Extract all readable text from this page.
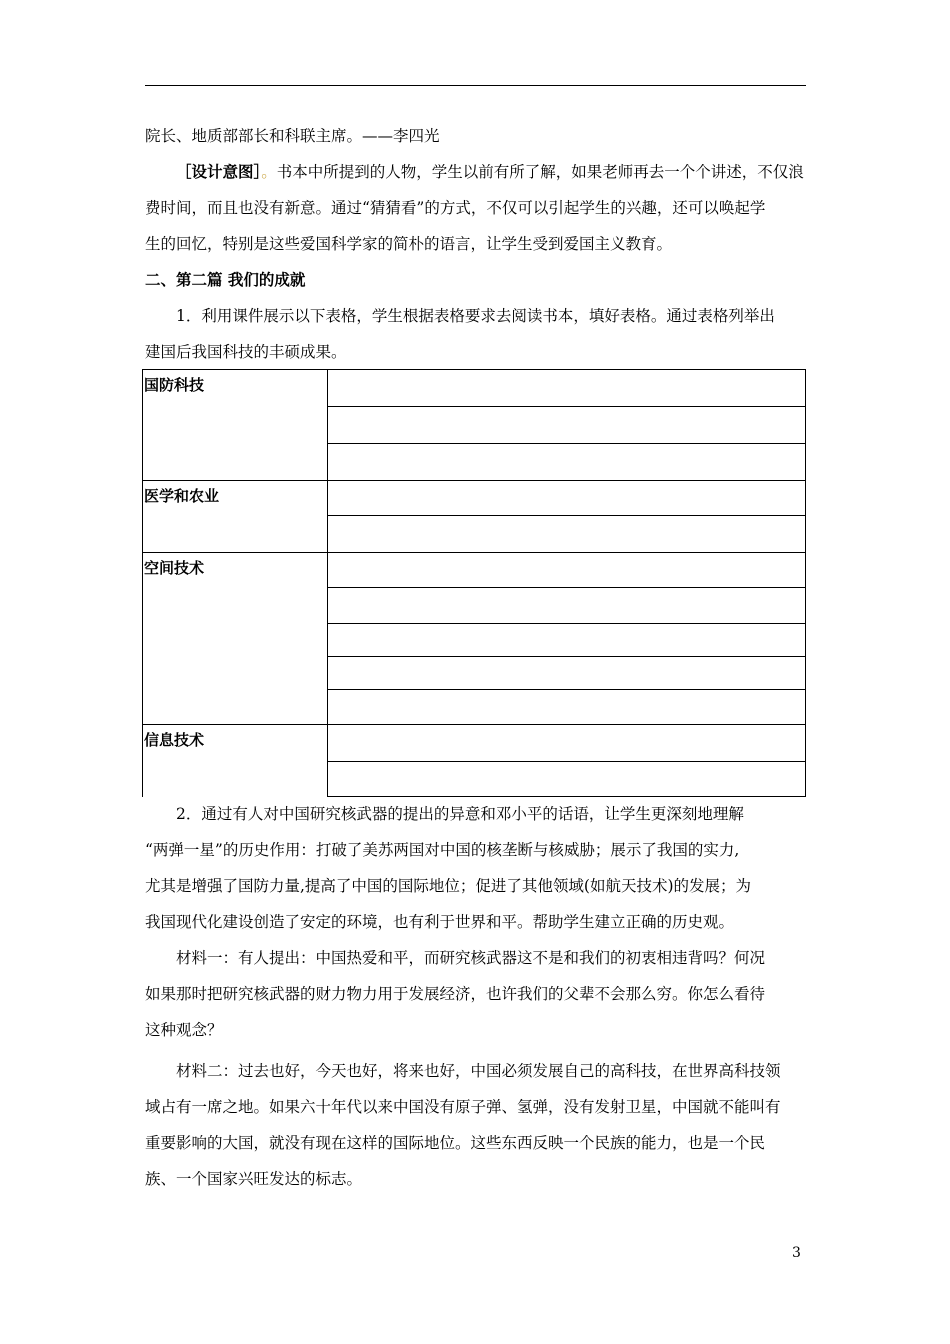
院长、地质部部长和科联主席。——李四光
［设计意图］。书本中所提到的人物，学生以前有所了解，如果老师再去一个个讲述，不仅浪
费时间，而且也没有新意。通过“猜猜看”的方式，不仅可以引起学生的兴趣，还可以唤起学
生的回忆，特别是这些爱国科学家的简朴的语言，让学生受到爱国主义教育。
二、第二篇 我们的成就
1．利用课件展示以下表格，学生根据表格要求去阅读书本，填好表格。通过表格列举出
建国后我国科技的丰硕成果。
国防科技	

医学和农业	

空间技术	

信息技术	

2．通过有人对中国研究核武器的提出的异意和邓小平的话语，让学生更深刻地理解
“两弹一星”的历史作用：打破了美苏两国对中国的核垄断与核威胁；展示了我国的实力,
尤其是增强了国防力量,提高了中国的国际地位；促进了其他领域(如航天技术)的发展；为
我国现代化建设创造了安定的环境，也有利于世界和平。帮助学生建立正确的历史观。
材料一：有人提出：中国热爱和平，而研究核武器这不是和我们的初衷相违背吗？何况
如果那时把研究核武器的财力物力用于发展经济，也许我们的父辈不会那么穷。你怎么看待
这种观念？
材料二：过去也好，今天也好，将来也好，中国必须发展自己的高科技，在世界高科技领
域占有一席之地。如果六十年代以来中国没有原子弹、氢弹，没有发射卫星，中国就不能叫有
重要影响的大国，就没有现在这样的国际地位。这些东西反映一个民族的能力，也是一个民
族、一个国家兴旺发达的标志。
3
